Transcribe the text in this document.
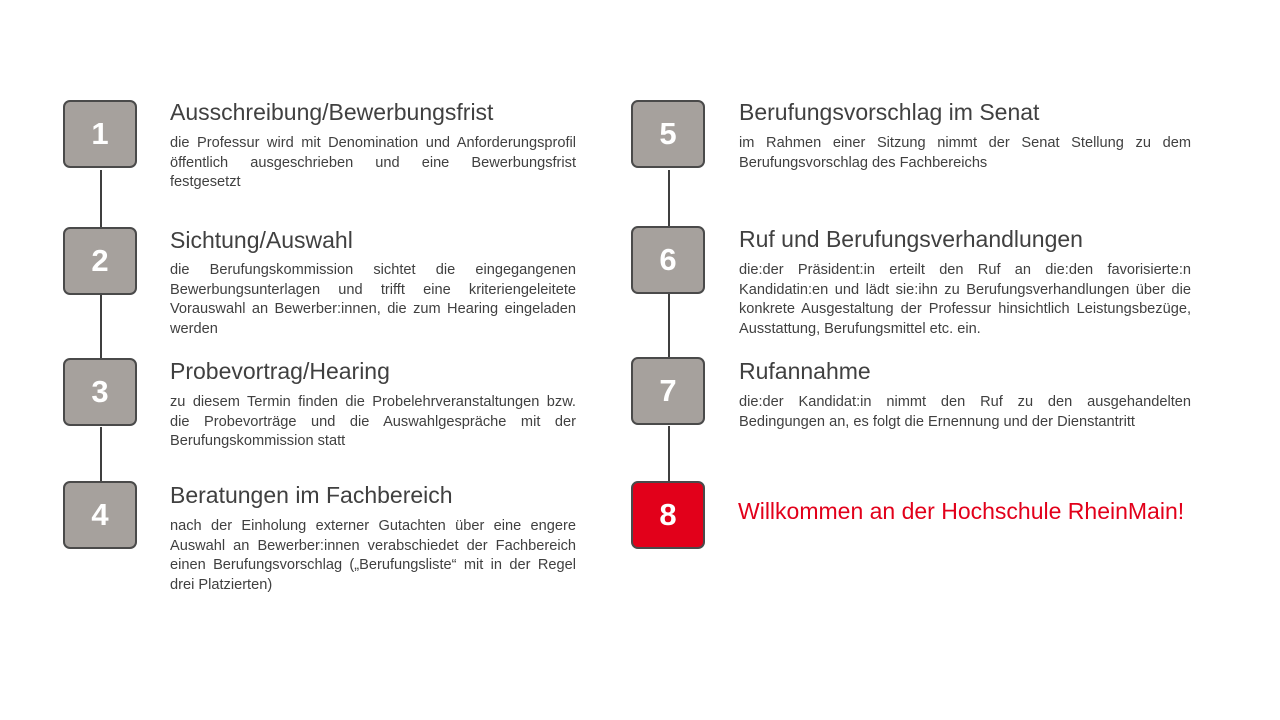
1
Ausschreibung/Bewerbungsfrist
die Professur wird mit Denomination und Anforderungsprofil öffentlich ausgeschrieben und eine Bewerbungsfrist festgesetzt
2
Sichtung/Auswahl
die Berufungskommission sichtet die eingegangenen Bewerbungsunterlagen und trifft eine kriteriengeleitete Vorauswahl an Bewerber:innen, die zum Hearing eingeladen werden
3
Probevortrag/Hearing
zu diesem Termin finden die Probelehrveranstaltungen bzw. die Probevorträge und die Auswahlgespräche mit der Berufungskommission statt
4
Beratungen im Fachbereich
nach der Einholung externer Gutachten über eine engere Auswahl an Bewerber:innen verabschiedet der Fachbereich einen Berufungsvorschlag („Berufungsliste“ mit in der Regel drei Platzierten)
5
Berufungsvorschlag im Senat
im Rahmen einer Sitzung nimmt der Senat Stellung zu dem Berufungsvorschlag des Fachbereichs
6
Ruf und Berufungsverhandlungen
die:der Präsident:in erteilt den Ruf an die:den favorisierte:n Kandidatin:en und lädt sie:ihn zu Berufungsverhandlungen über die konkrete Ausgestaltung der Professur hinsichtlich Leistungsbezüge, Ausstattung, Berufungsmittel etc. ein.
7
Rufannahme
die:der Kandidat:in nimmt den Ruf zu den ausgehandelten Bedingungen an, es folgt die Ernennung und der Dienstantritt
8	Willkommen an der Hochschule RheinMain!
